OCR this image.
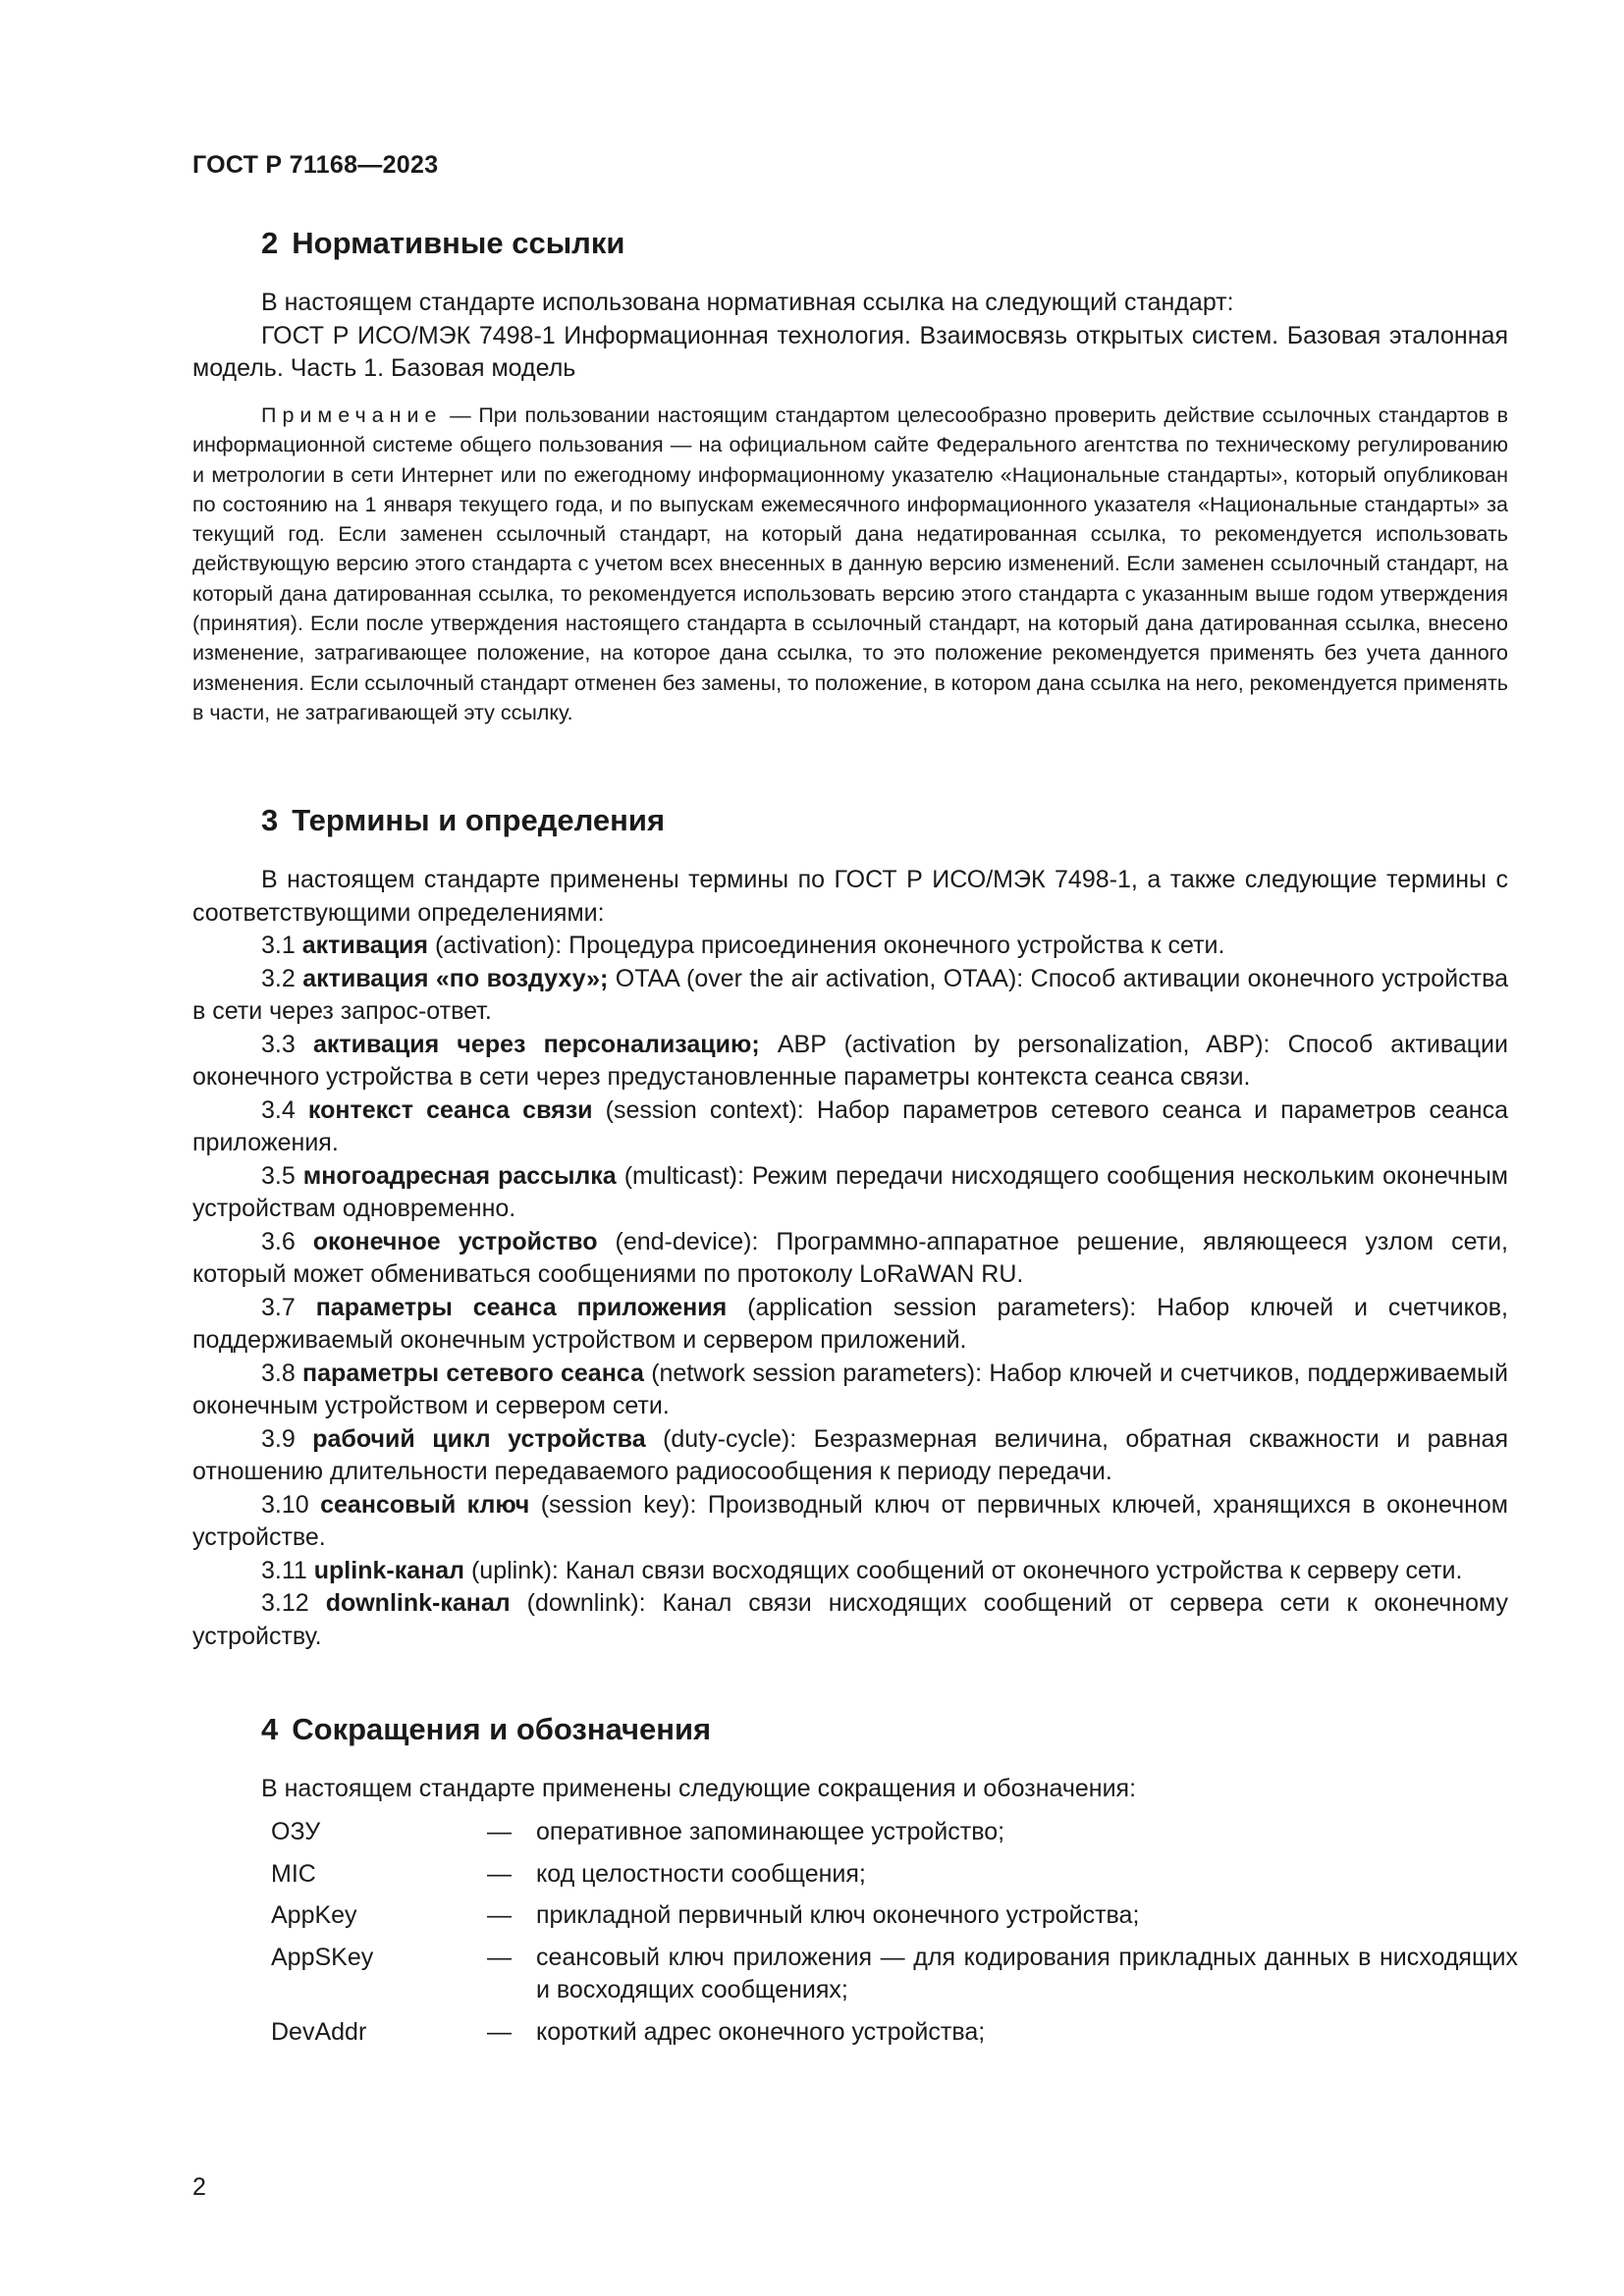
ГОСТ Р 71168—2023
2 Нормативные ссылки

В настоящем стандарте использована нормативная ссылка на следующий стандарт:

ГОСТ Р ИСО/МЭК 7498-1 Информационная технология. Взаимосвязь открытых систем. Базовая эталонная модель. Часть 1. Базовая модель

Примечание — При пользовании настоящим стандартом целесообразно проверить действие ссылочных стандартов в информационной системе общего пользования — на официальном сайте Федерального агентства по техническому регулированию и метрологии в сети Интернет или по ежегодному информационному указателю «Национальные стандарты», который опубликован по состоянию на 1 января текущего года, и по выпускам ежемесячного информационного указателя «Национальные стандарты» за текущий год. Если заменен ссылочный стандарт, на который дана недатированная ссылка, то рекомендуется использовать действующую версию этого стандарта с учетом всех внесенных в данную версию изменений. Если заменен ссылочный стандарт, на который дана датированная ссылка, то рекомендуется использовать версию этого стандарта с указанным выше годом утверждения (принятия). Если после утверждения настоящего стандарта в ссылочный стандарт, на который дана датированная ссылка, внесено изменение, затрагивающее положение, на которое дана ссылка, то это положение рекомендуется применять без учета данного изменения. Если ссылочный стандарт отменен без замены, то положение, в котором дана ссылка на него, рекомендуется применять в части, не затрагивающей эту ссылку.

3 Термины и определения

В настоящем стандарте применены термины по ГОСТ Р ИСО/МЭК 7498-1, а также следующие термины с соответствующими определениями:

3.1 активация (activation): Процедура присоединения оконечного устройства к сети.

3.2 активация «по воздуху»; OTAA (over the air activation, OTAA): Способ активации оконечного устройства в сети через запрос-ответ.

3.3 активация через персонализацию; ABP (activation by personalization, ABP): Способ активации оконечного устройства в сети через предустановленные параметры контекста сеанса связи.

3.4 контекст сеанса связи (session context): Набор параметров сетевого сеанса и параметров сеанса приложения.

3.5 многоадресная рассылка (multicast): Режим передачи нисходящего сообщения нескольким оконечным устройствам одновременно.

3.6 оконечное устройство (end-device): Программно-аппаратное решение, являющееся узлом сети, который может обмениваться сообщениями по протоколу LoRaWAN RU.

3.7 параметры сеанса приложения (application session parameters): Набор ключей и счетчиков, поддерживаемый оконечным устройством и сервером приложений.

3.8 параметры сетевого сеанса (network session parameters): Набор ключей и счетчиков, поддерживаемый оконечным устройством и сервером сети.

3.9 рабочий цикл устройства (duty-cycle): Безразмерная величина, обратная скважности и равная отношению длительности передаваемого радиосообщения к периоду передачи.

3.10 сеансовый ключ (session key): Производный ключ от первичных ключей, хранящихся в оконечном устройстве.

3.11 uplink-канал (uplink): Канал связи восходящих сообщений от оконечного устройства к серверу сети.

3.12 downlink-канал (downlink): Канал связи нисходящих сообщений от сервера сети к оконечному устройству.

4 Сокращения и обозначения

В настоящем стандарте применены следующие сокращения и обозначения:

ОЗУ	—	оперативное запоминающее устройство;
MIC	—	код целостности сообщения;
AppKey	—	прикладной первичный ключ оконечного устройства;
AppSKey	—	сеансовый ключ приложения — для кодирования прикладных данных в нисходящих и восходящих сообщениях;
DevAddr	—	короткий адрес оконечного устройства;
2
